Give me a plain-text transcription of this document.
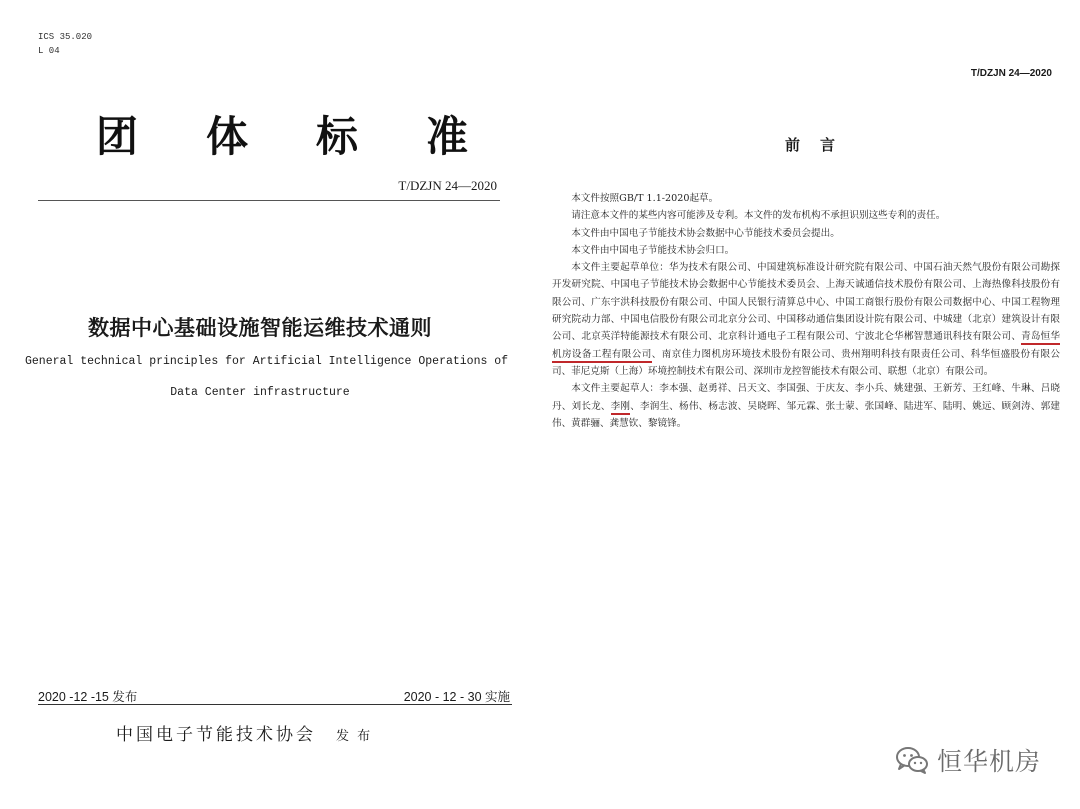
ICS 35.020
L 04
团 体 标 准
T/DZJN 24—2020
数据中心基础设施智能运维技术通则
General technical principles for Artificial Intelligence Operations of
Data Center infrastructure
2020 -12 -15 发布	2020 - 12 - 30 实施
中国电子节能技术协会 发 布
T/DZJN 24—2020
前言

本文件按照GB/T 1.1-2020起草。

请注意本文件的某些内容可能涉及专利。本文件的发布机构不承担识别这些专利的责任。

本文件由中国电子节能技术协会数据中心节能技术委员会提出。

本文件由中国电子节能技术协会归口。

本文件主要起草单位：华为技术有限公司、中国建筑标准设计研究院有限公司、中国石油天然气股份有限公司勘探开发研究院、中国电子节能技术协会数据中心节能技术委员会、上海天诚通信技术股份有限公司、上海热像科技股份有限公司、广东宇洪科技股份有限公司、中国人民银行清算总中心、中国工商银行股份有限公司数据中心、中国工程物理研究院动力部、中国电信股份有限公司北京分公司、中国移动通信集团设计院有限公司、中城建（北京）建筑设计有限公司、北京英洋特能源技术有限公司、北京科计通电子工程有限公司、宁波北仑华郴智慧通讯科技有限公司、青岛恒华机房设备工程有限公司、南京佳力图机房环境技术股份有限公司、贵州翔明科技有限责任公司、科华恒盛股份有限公司、菲尼克斯（上海）环境控制技术有限公司、深圳市龙控智能技术有限公司、联想（北京）有限公司。

本文件主要起草人：李本强、赵勇祥、吕天文、李国强、于庆友、李小兵、姚建强、王新芳、王红峰、牛琳、吕晓丹、刘长龙、李刚、李润生、杨伟、杨志波、吴晓晖、邹元霖、张士蒙、张国峰、陆进军、陆明、姚远、顾剑涛、郭建伟、黄群骊、龚慧钦、黎镜锋。

恒华机房
